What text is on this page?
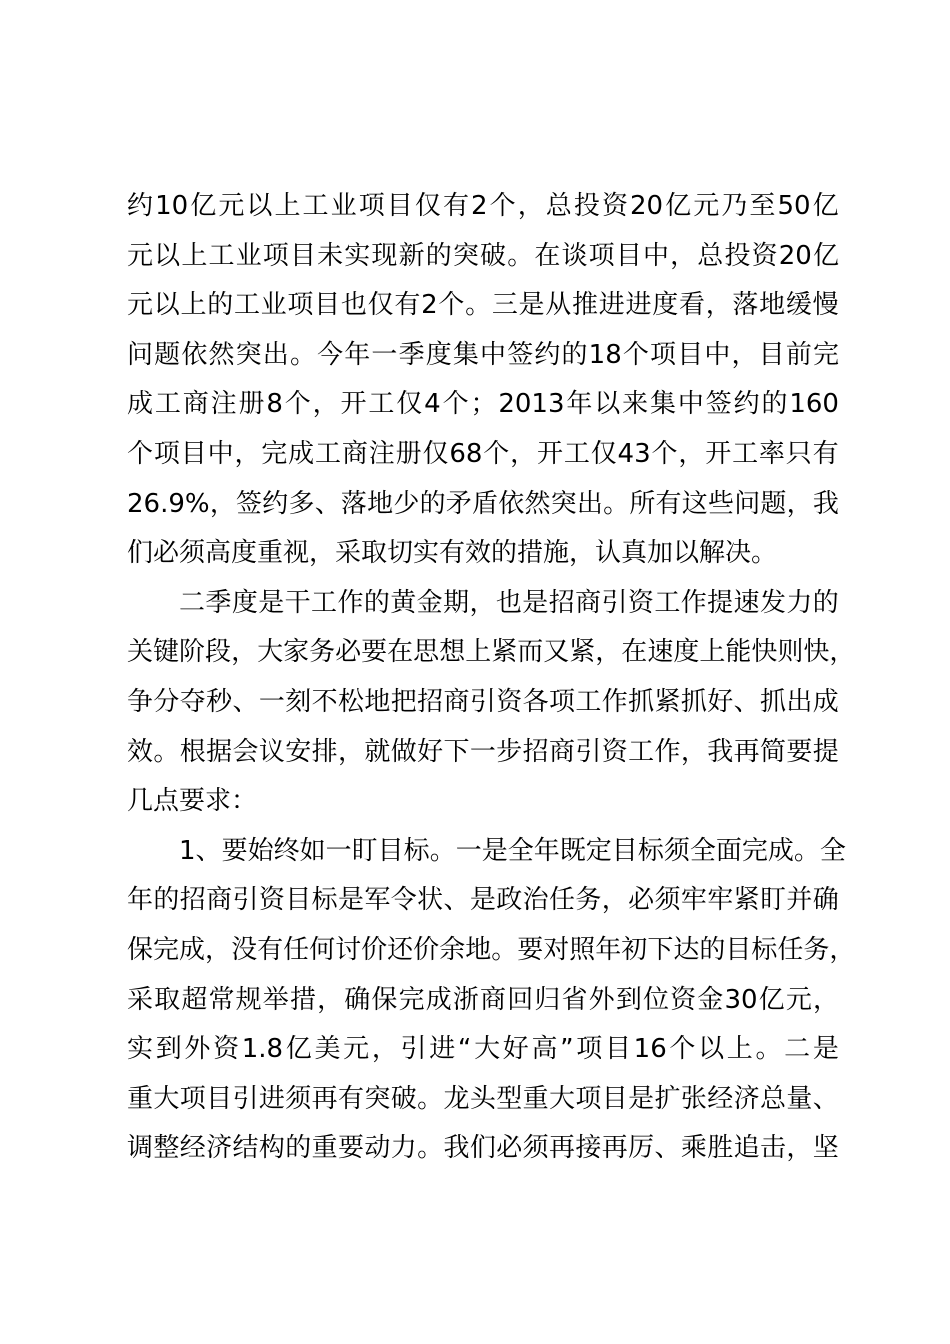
约 10 亿 元 以 上 工 业 项 目 仅 有 2 个 ， 总 投 资 20 亿 元 乃 至 50 亿
元 以 上 工 业 项 目 未 实 现 新 的 突 破 。 在 谈 项 目 中 ， 总 投 资 20 亿
元 以 上 的 工 业 项 目 也 仅 有 2 个 。 三 是 从 推 进 进 度 看 ， 落 地 缓 慢
问 题 依 然 突 出 。 今 年 一 季 度 集 中 签 约 的 18 个 项 目 中 ， 目 前 完
成 工 商 注 册 8 个 ， 开 工 仅 4 个 ； 2013 年 以 来 集 中 签 约 的 160
个 项 目 中 ， 完 成 工 商 注 册 仅 68 个 ， 开 工 仅 43 个 ， 开 工 率 只 有
26.9% ， 签 约 多 、 落 地 少 的 矛 盾 依 然 突 出 。 所 有 这 些 问 题 ， 我
们必须高度重视，采取切实有效的措施，认真加以解决。
二 季 度 是 干 工 作 的 黄 金 期 ， 也 是 招 商 引 资 工 作 提 速 发 力 的
关 键 阶 段 ， 大 家 务 必 要 在 思 想 上 紧 而 又 紧 ， 在 速 度 上 能 快 则 快 ，
争 分 夺 秒 、 一 刻 不 松 地 把 招 商 引 资 各 项 工 作 抓 紧 抓 好 、 抓 出 成
效 。 根 据 会 议 安 排 ， 就 做 好 下 一 步 招 商 引 资 工 作 ， 我 再 简 要 提
几点要求：
1 、 要 始 终 如 一 盯 目 标 。 一 是 全 年 既 定 目 标 须 全 面 完 成 。 全
年 的 招 商 引 资 目 标 是 军 令 状 、 是 政 治 任 务 ， 必 须 牢 牢 紧 盯 并 确
保 完 成 ， 没 有 任 何 讨 价 还 价 余 地 。 要 对 照 年 初 下 达 的 目 标 任 务 ，
采 取 超 常 规 举 措 ， 确 保 完 成 浙 商 回 归 省 外 到 位 资 金 30 亿 元 ，
实 到 外 资 1.8 亿 美 元 ， 引 进 “ 大 好 高 ” 项 目 16 个 以 上 。 二 是
重 大 项 目 引 进 须 再 有 突 破 。 龙 头 型 重 大 项 目 是 扩 张 经 济 总 量 、
调 整 经 济 结 构 的 重 要 动 力 。 我 们 必 须 再 接 再 厉 、 乘 胜 追 击 ， 坚
